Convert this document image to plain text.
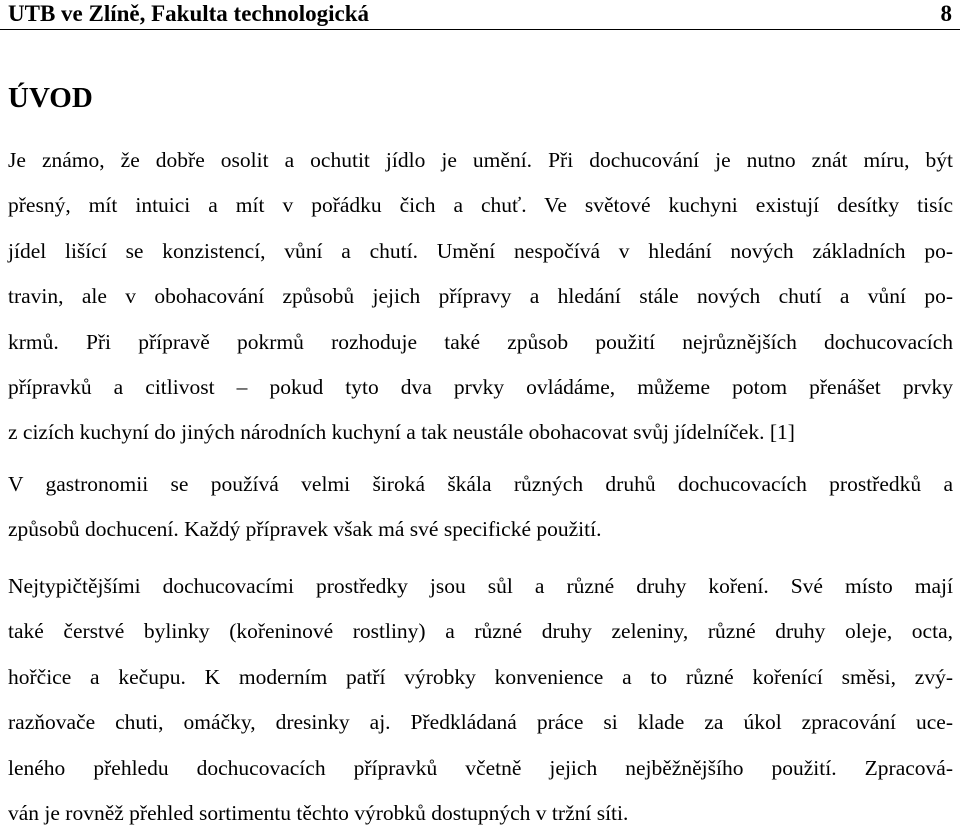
UTB ve Zlíně, Fakulta technologická	8
ÚVOD
Je známo, že dobře osolit a ochutit jídlo je umění. Při dochucování je nutno znát míru, být
přesný, mít intuici a mít v pořádku čich a chuť. Ve světové kuchyni existují desítky tisíc
jídel lišící se konzistencí, vůní a chutí. Umění nespočívá v hledání nových základních po-
travin, ale v obohacování způsobů jejich přípravy a hledání stále nových chutí a vůní po-
krmů. Při přípravě pokrmů rozhoduje také způsob použití nejrůznějších dochucovacích
přípravků a citlivost – pokud tyto dva prvky ovládáme, můžeme potom přenášet prvky
z cizích kuchyní do jiných národních kuchyní a tak neustále obohacovat svůj jídelníček. [1]
V gastronomii se používá velmi široká škála různých druhů dochucovacích prostředků a
způsobů dochucení. Každý přípravek však má své specifické použití.
Nejtypičtějšími dochucovacími prostředky jsou sůl a různé druhy koření. Své místo mají
také čerstvé bylinky (kořeninové rostliny) a různé druhy zeleniny, různé druhy oleje, octa,
hořčice a kečupu. K moderním patří výrobky konvenience a to různé kořenící směsi, zvý-
razňovače chuti, omáčky, dresinky aj. Předkládaná práce si klade za úkol zpracování uce-
leného přehledu dochucovacích přípravků včetně jejich nejběžnějšího použití. Zpracová-
ván je rovněž přehled sortimentu těchto výrobků dostupných v tržní síti.
